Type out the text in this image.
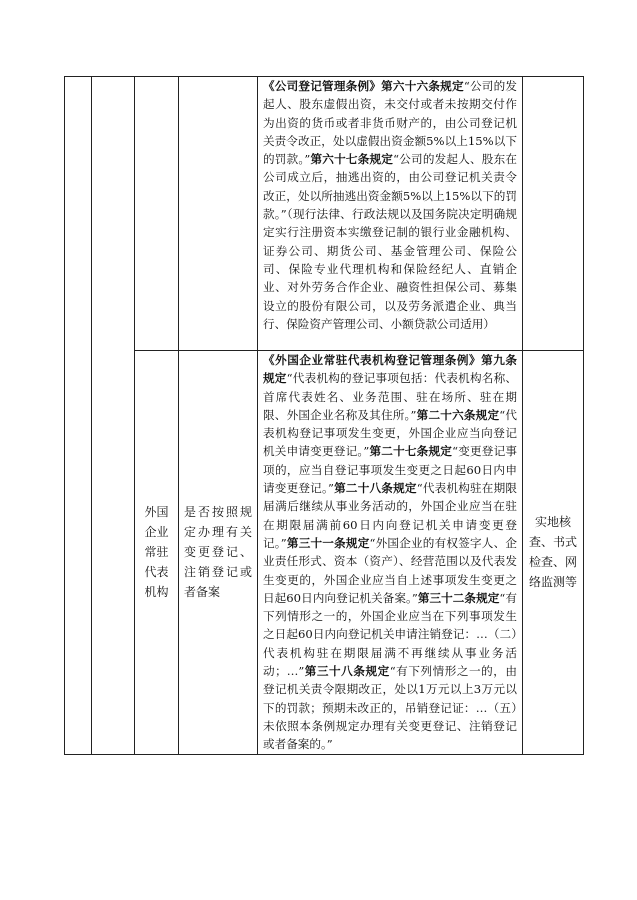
				《公司登记管理条例》第六十六条规定“公司的发起人、股东虚假出资，未交付或者未按期交付作为出资的货币或者非货币财产的，由公司登记机关责令改正，处以虚假出资金额5%以上15%以下的罚款。”第六十七条规定“公司的发起人、股东在公司成立后，抽逃出资的，由公司登记机关责令改正，处以所抽逃出资金额5%以上15%以下的罚款。”（现行法律、行政法规以及国务院决定明确规定实行注册资本实缴登记制的银行业金融机构、证券公司、期货公司、基金管理公司、保险公司、保险专业代理机构和保险经纪人、直销企业、对外劳务合作企业、融资性担保公司、募集设立的股份有限公司，以及劳务派遣企业、典当行、保险资产管理公司、小额贷款公司适用）	
		外国企业常驻代表机构	是否按照规定办理有关变更登记、注销登记或者备案	《外国企业常驻代表机构登记管理条例》第九条规定“代表机构的登记事项包括：代表机构名称、首席代表姓名、业务范围、驻在场所、驻在期限、外国企业名称及其住所。”第二十六条规定“代表机构登记事项发生变更，外国企业应当向登记机关申请变更登记。”第二十七条规定“变更登记事项的，应当自登记事项发生变更之日起60日内申请变更登记。”第二十八条规定“代表机构驻在期限届满后继续从事业务活动的，外国企业应当在驻在期限届满前60日内向登记机关申请变更登记。”第三十一条规定“外国企业的有权签字人、企业责任形式、资本（资产）、经营范围以及代表发生变更的，外国企业应当自上述事项发生变更之日起60日内向登记机关备案。”第三十二条规定“有下列情形之一的，外国企业应当在下列事项发生之日起60日内向登记机关申请注销登记：…（二）代表机构驻在期限届满不再继续从事业务活动；…”第三十八条规定“有下列情形之一的，由登记机关责令限期改正，处以1万元以上3万元以下的罚款；预期未改正的，吊销登记证：…（五）未依照本条例规定办理有关变更登记、注销登记或者备案的。”	实地核查、书式检查、网络监测等
